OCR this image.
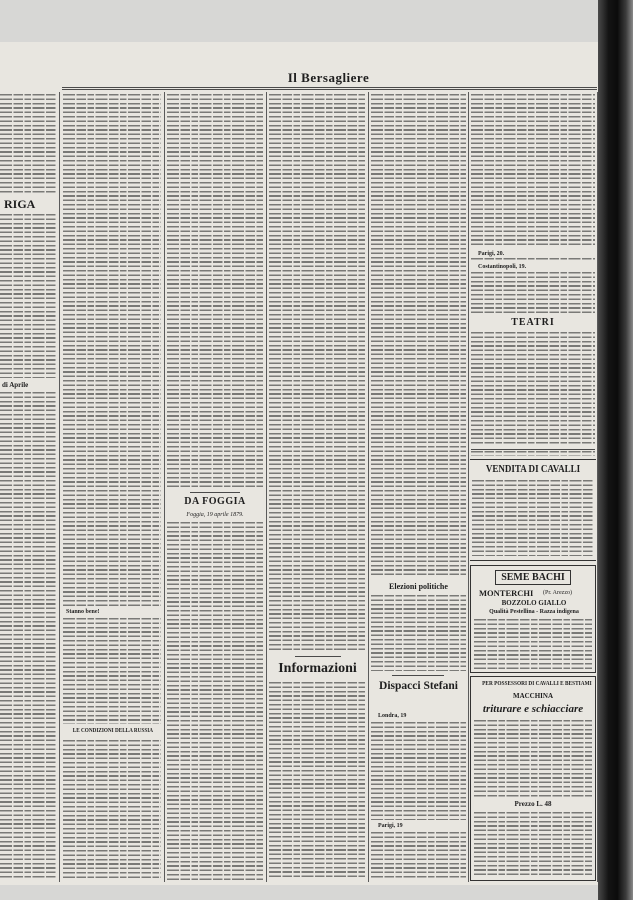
Il Bersagliere
RIGA
di Aprile
Stanno bene!
LE CONDIZIONI DELLA RUSSIA
DA FOGGIA
Foggia, 19 aprile 1879.
Informazioni
Elezioni politiche
Dispacci Stefani
Londra, 19
Parigi, 19
Parigi, 20.
Costantinopoli, 19.
TEATRI
VENDITA DI CAVALLI
SEME BACHI
MONTERCHI	(Pr. Arezzo)
BOZZOLO GIALLO
Qualità Pestellina - Razza indigena
PER POSSESSORI DI CAVALLI E BESTIAMI
MACCHINA
triturare e schiacciare
Prezzo L. 48
